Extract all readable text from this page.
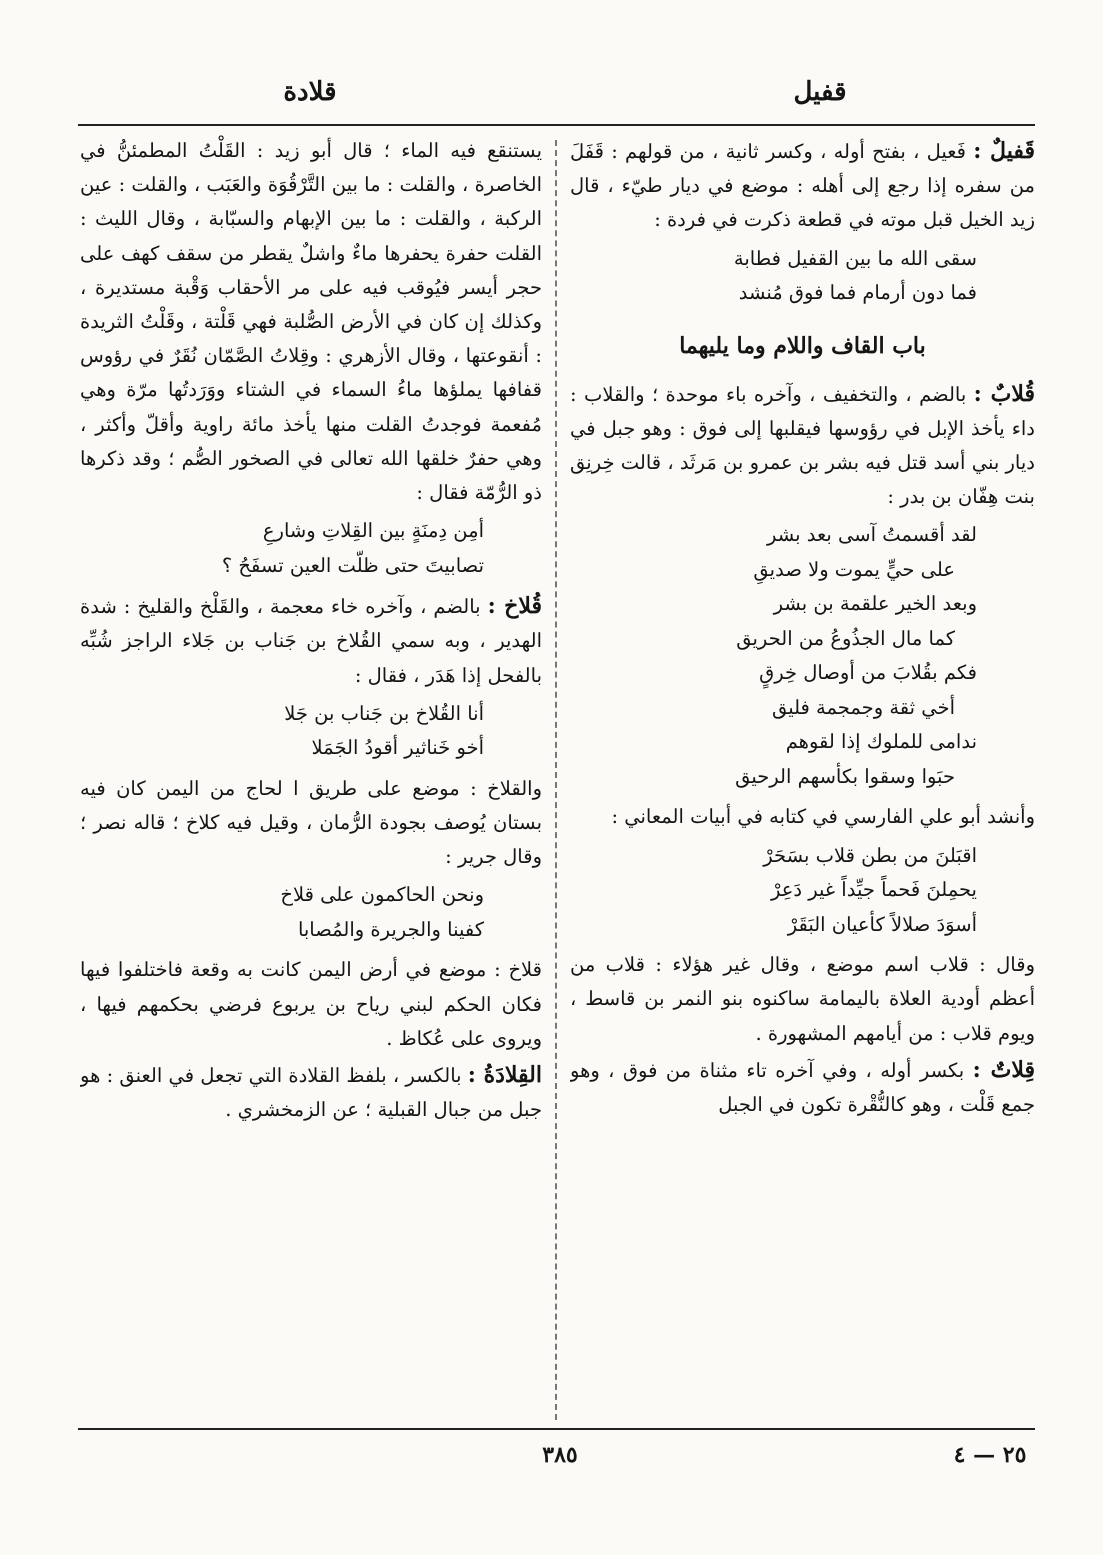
قفيل
قلادة

قَفيلٌ : فَعيل ، بفتح أوله ، وكسر ثانية ، من قولهم : قَفَلَ من سفره إذا رجع إلى أهله : موضع في ديار طيّء ، قال زيد الخيل قبل موته في قطعة ذكرت في فردة :

سقى الله ما بين القفيل فطابة
فما دون أرمام فما فوق مُنشد
باب القاف واللام وما يليهما

قُلابٌ : بالضم ، والتخفيف ، وآخره باء موحدة ؛ والقلاب : داء يأخذ الإبل في رؤوسها فيقلبها إلى فوق : وهو جبل في ديار بني أسد قتل فيه بشر بن عمرو بن مَرثَد ، قالت خِرنِق بنت هِفّان بن بدر :

لقد أقسمتُ آسى بعد بشر
على حيٍّ يموت ولا صديقِ
وبعد الخير علقمة بن بشر
كما مال الجذُوعُ من الحريق
فكم بقُلابَ من أوصال خِرقٍ
أخي ثقة وجمجمة فليق
ندامى للملوك إذا لقوهم
حبَوا وسقوا بكأسهم الرحيق

وأنشد أبو علي الفارسي في كتابه في أبيات المعاني :

اقبَلنَ من بطن قلاب بسَحَرْ
يحمِلنَ فَحماً جيِّداً غير دَعِرْ
أسوَدَ صلالاً كأعيان البَقَرْ

وقال : قلاب اسم موضع ، وقال غير هؤلاء : قلاب من أعظم أودية العلاة باليمامة ساكنوه بنو النمر بن قاسط ، ويوم قلاب : من أيامهم المشهورة .

قِلاتٌ : بكسر أوله ، وفي آخره تاء مثناة من فوق ، وهو جمع قَلْت ، وهو كالنُّقْرة تكون في الجبل

يستنقع فيه الماء ؛ قال أبو زيد : القَلْتُ المطمئنُّ في الخاصرة ، والقلت : ما بين التَّرْقُوَة والعَبَب ، والقلت : عين الركبة ، والقلت : ما بين الإبهام والسبّابة ، وقال الليث : القلت حفرة يحفرها ماءٌ واشلٌ يقطر من سقف كهف على حجر أيسر فيُوقب فيه على مر الأحقاب وَقْبة مستديرة ، وكذلك إن كان في الأرض الصُّلبة فهي قَلْتة ، وقَلْتُ الثريدة : أنقوعتها ، وقال الأزهري : وقِلاتُ الصَّمّان نُقَرٌ في رؤوس قفافها يملؤها ماءُ السماء في الشتاء ووَرَدتُها مرّة وهي مُفعمة فوجدتُ القلت منها يأخذ مائة راوية وأقلّ وأكثر ، وهي حفرٌ خلقها الله تعالى في الصخور الصُّم ؛ وقد ذكرها ذو الرُّمّة فقال :

أمِن دِمنَةٍ بين القِلاتِ وشارعِ
تصابيتَ حتى ظلّت العين تسفَحُ ؟

قُلاخ : بالضم ، وآخره خاء معجمة ، والقَلْخ والقليخ : شدة الهدير ، وبه سمي القُلاخ بن جَناب بن جَلاء الراجز شُبِّه بالفحل إذا هَدَر ، فقال :

أنا القُلاخ بن جَناب بن جَلا
أخو خَناثير أقودُ الجَمَلا

والقلاخ : موضع على طريق ا لحاج من اليمن كان فيه بستان يُوصف بجودة الرُّمان ، وقيل فيه كلاخ ؛ قاله نصر ؛ وقال جرير :

ونحن الحاكمون على قلاخ
كفينا والجريرة والمُصابا

قلاخ : موضع في أرض اليمن كانت به وقعة فاختلفوا فيها فكان الحكم لبني رياح بن يربوع فرضي بحكمهم فيها ، ويروى على عُكاظ .

القِلادَةُ : بالكسر ، بلفظ القلادة التي تجعل في العنق : هو جبل من جبال القبلية ؛ عن الزمخشري .

٣٨٥	٢٥ — ٤
